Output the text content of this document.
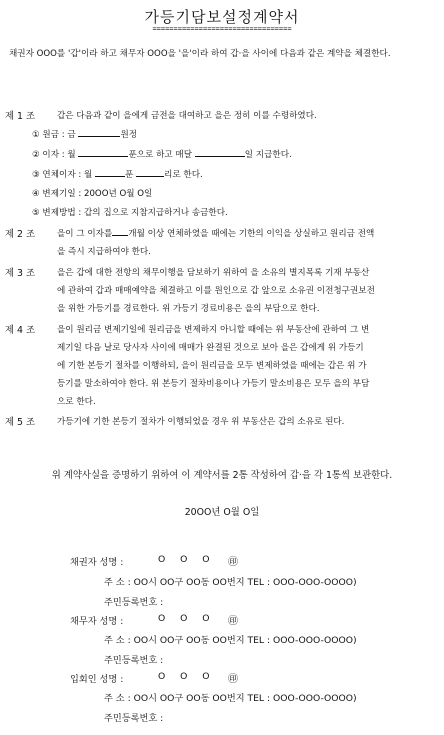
가등기담보설정계약서
=================================
채권자 OOO를 '갑'이라 하고 채무자 OOO을 '을'이라 하여 갑·을 사이에 다음과 같은 계약을 체결한다.
제 1 조	갑은 다음과 같이 을에게 금전을 대여하고 을은 정히 이를 수령하였다.
① 원금 : 금	원정
② 이자 : 월	푼으로 하고 매달	일 지급한다.
③ 연체이자 : 월	푼	리로 한다.
④ 변제기일 : 20OO년 O월 O일
⑤ 변제방법 : 갑의 집으로 지참지급하거나 송금한다.
제 2 조	을이 그 이자를 개월 이상 연체하였을 때에는 기한의 이익을 상실하고 원리금 전액
을 즉시 지급하여야 한다.
제 3 조	을은 갑에 대한 전항의 채무이행을 담보하기 위하여 을 소유의 별지목록 기재 부동산
에 관하여 갑과 매매예약을 체결하고 이를 원인으로 갑 앞으로 소유권 이전청구권보전
을 위한 가등기를 경료한다. 위 가등기 경료비용은 을의 부담으로 한다.
제 4 조	을이 원리금 변제기일에 원리금을 변제하지 아니할 때에는 위 부동산에 관하여 그 변
제기일 다음 날로 당사자 사이에 매매가 완결된 것으로 보아 을은 갑에게 위 가등기
에 기한 본등기 절차를 이행하되, 을이 원리금을 모두 변제하였을 때에는 갑은 위 가
등기를 말소하여야 한다. 위 본등기 절차비용이나 가등기 말소비용은 모두 을의 부담
으로 한다.
제 5 조	가등기에 기한 본등기 절차가 이행되었을 경우 위 부동산은 갑의 소유로 된다.
위 계약사실을 증명하기 위하여 이 계약서를 2통 작성하여 갑·을 각 1통씩 보관한다.
20OO년 O월 O일
채권자 성명 :	O O O ㊞
주 소 : OO시 OO구 OO동 OO번지 TEL : OOO-OOO-OOOO)
주민등록번호 :
채무자 성명 :	O O O ㊞
주 소 : OO시 OO구 OO동 OO번지 TEL : OOO-OOO-OOOO)
주민등록번호 :
입회인 성명 :	O O O ㊞
주 소 : OO시 OO구 OO동 OO번지 TEL : OOO-OOO-OOOO)
주민등록번호 :
